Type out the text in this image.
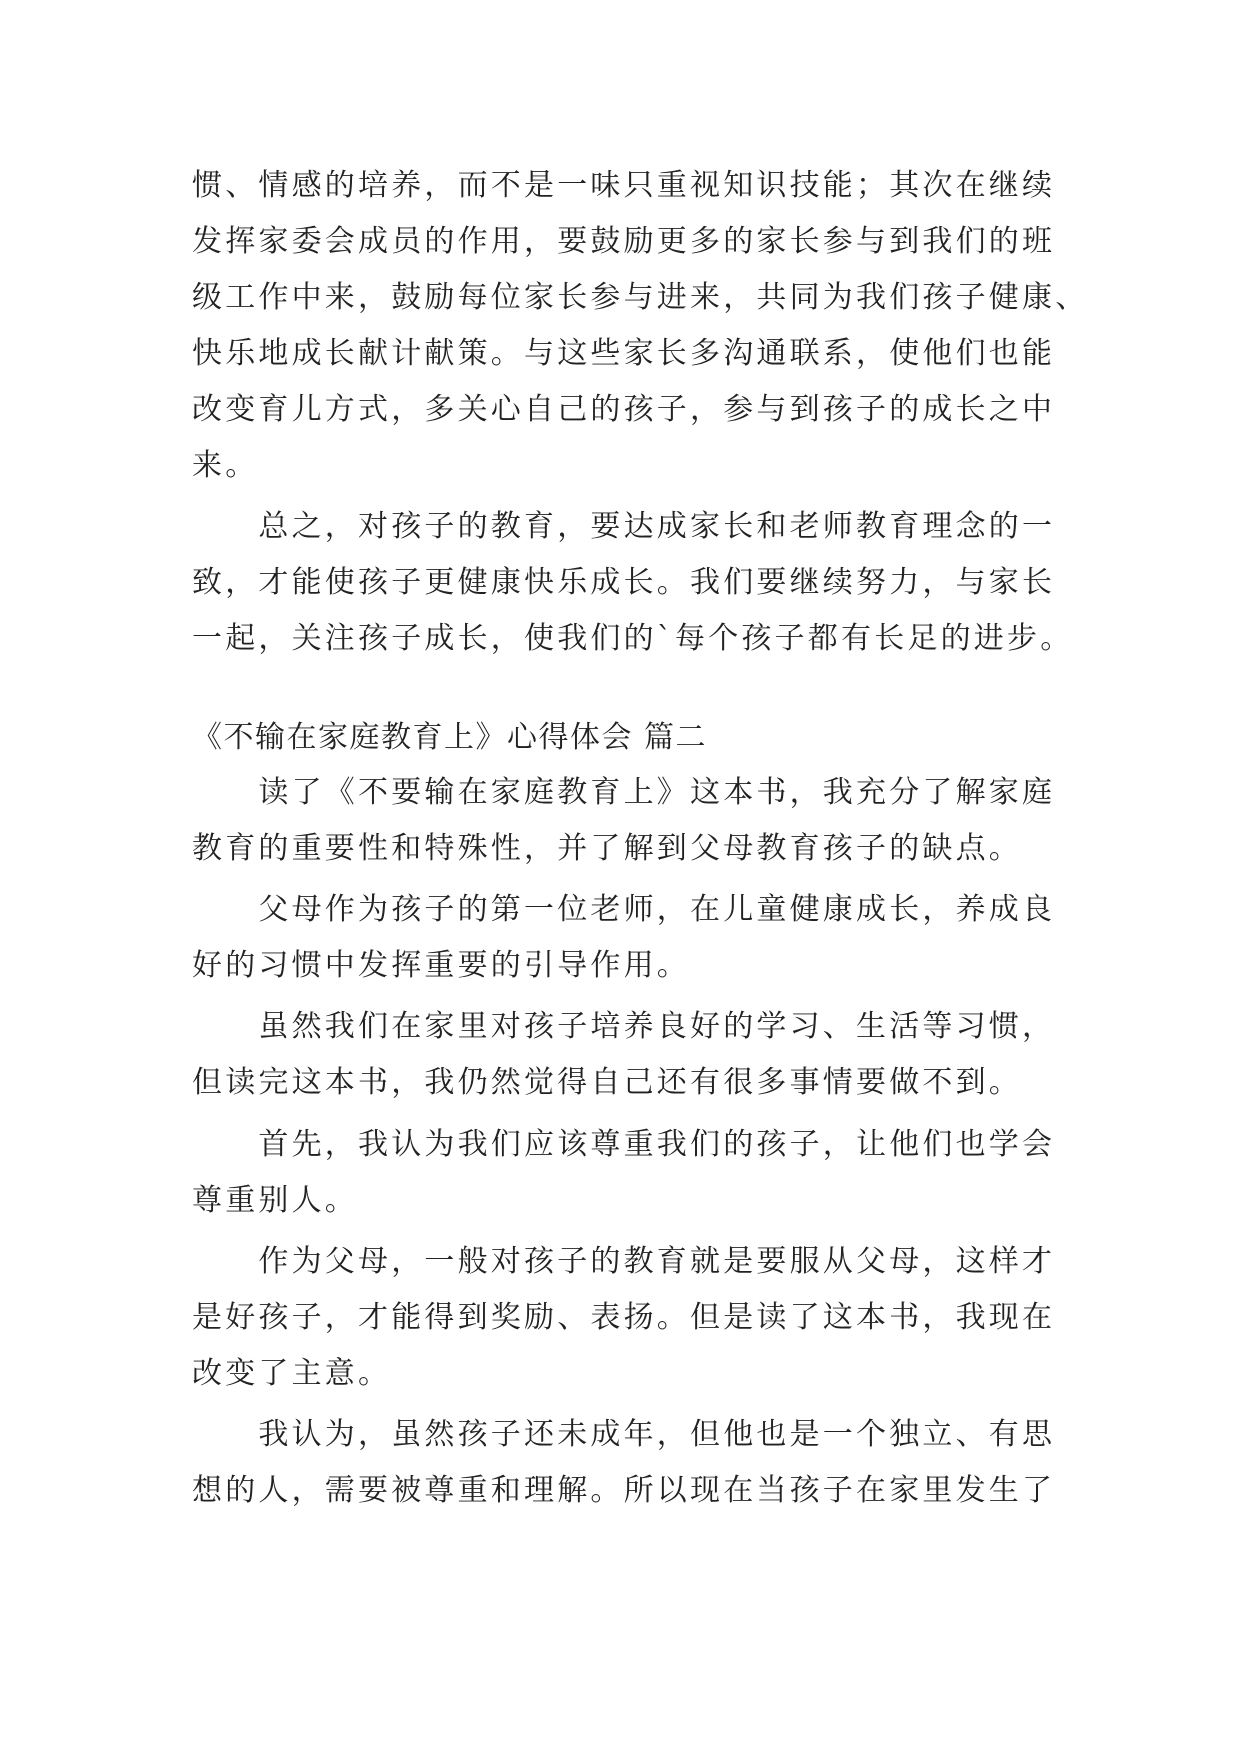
惯、情感的培养，而不是一味只重视知识技能；其次在继续
发挥家委会成员的作用，要鼓励更多的家长参与到我们的班
级工作中来，鼓励每位家长参与进来，共同为我们孩子健康、
快乐地成长献计献策。与这些家长多沟通联系，使他们也能
改变育儿方式，多关心自己的孩子，参与到孩子的成长之中
来。
　　总之，对孩子的教育，要达成家长和老师教育理念的一
致，才能使孩子更健康快乐成长。我们要继续努力，与家长
一起，关注孩子成长，使我们的`每个孩子都有长足的进步。
《不输在家庭教育上》心得体会 篇二
　　读了《不要输在家庭教育上》这本书，我充分了解家庭
教育的重要性和特殊性，并了解到父母教育孩子的缺点。
　　父母作为孩子的第一位老师，在儿童健康成长，养成良
好的习惯中发挥重要的引导作用。
　　虽然我们在家里对孩子培养良好的学习、生活等习惯，
但读完这本书，我仍然觉得自己还有很多事情要做不到。
　　首先，我认为我们应该尊重我们的孩子，让他们也学会
尊重别人。
　　作为父母，一般对孩子的教育就是要服从父母，这样才
是好孩子，才能得到奖励、表扬。但是读了这本书，我现在
改变了主意。
　　我认为，虽然孩子还未成年，但他也是一个独立、有思
想的人，需要被尊重和理解。所以现在当孩子在家里发生了
